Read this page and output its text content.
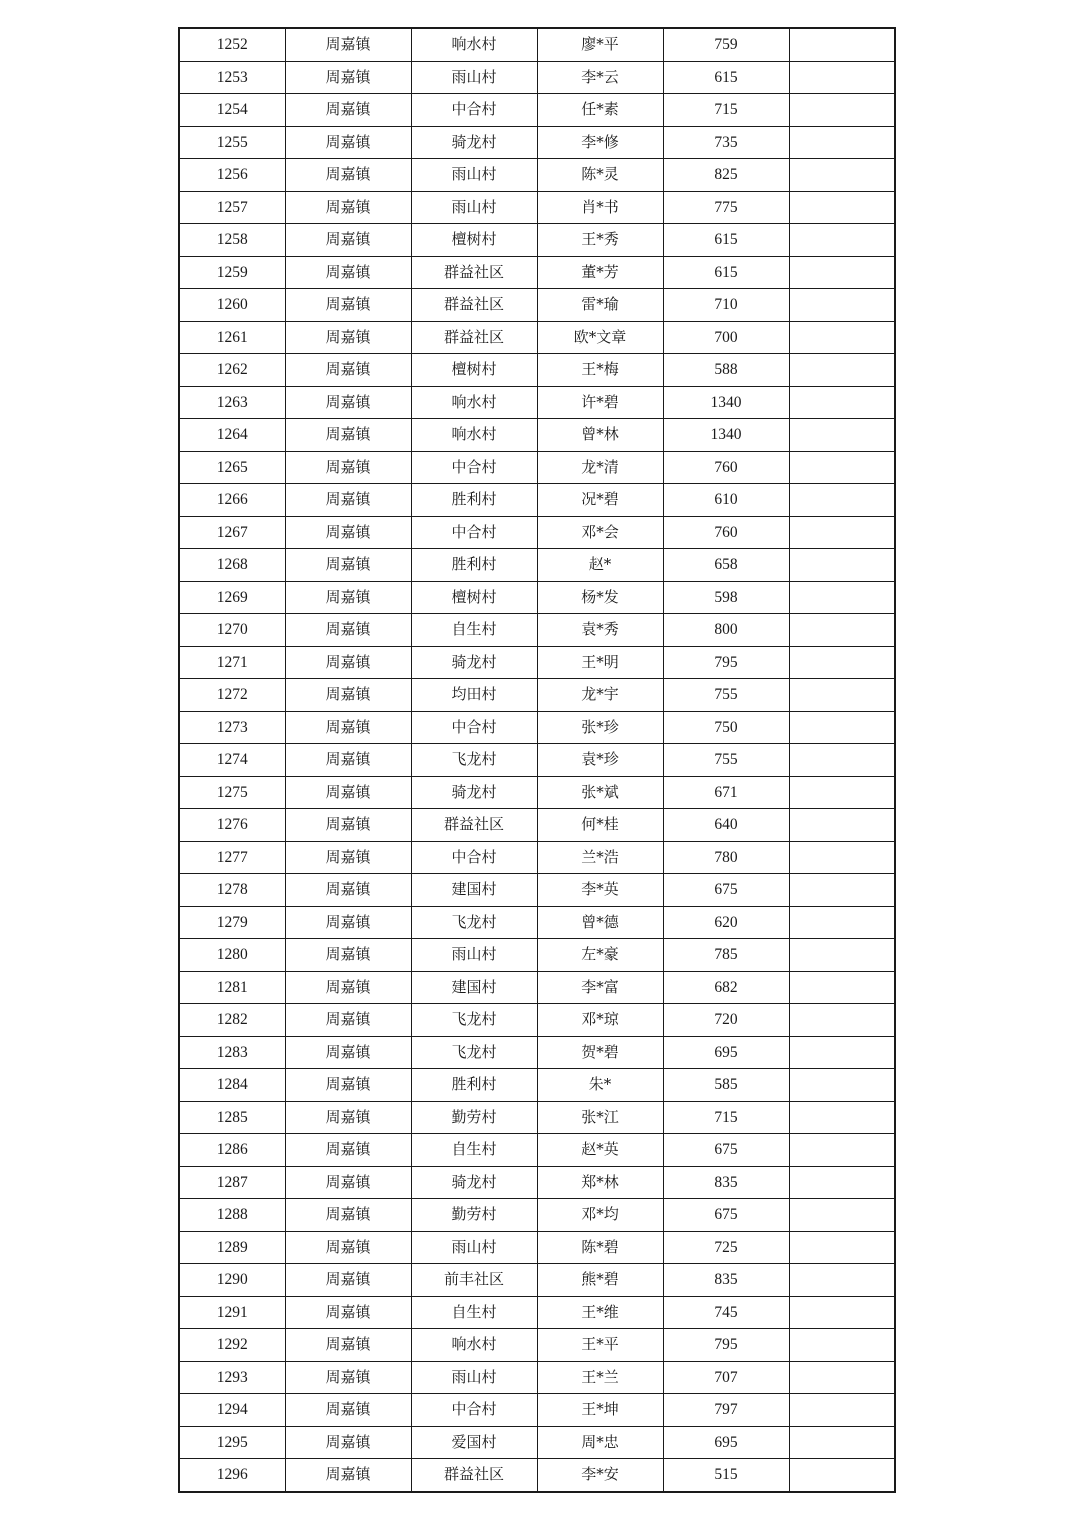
1252	周嘉镇	响水村	廖*平	759	
1253	周嘉镇	雨山村	李*云	615	
1254	周嘉镇	中合村	任*素	715	
1255	周嘉镇	骑龙村	李*修	735	
1256	周嘉镇	雨山村	陈*灵	825	
1257	周嘉镇	雨山村	肖*书	775	
1258	周嘉镇	檀树村	王*秀	615	
1259	周嘉镇	群益社区	董*芳	615	
1260	周嘉镇	群益社区	雷*瑜	710	
1261	周嘉镇	群益社区	欧*文章	700	
1262	周嘉镇	檀树村	王*梅	588	
1263	周嘉镇	响水村	许*碧	1340	
1264	周嘉镇	响水村	曾*林	1340	
1265	周嘉镇	中合村	龙*清	760	
1266	周嘉镇	胜利村	况*碧	610	
1267	周嘉镇	中合村	邓*会	760	
1268	周嘉镇	胜利村	赵*	658	
1269	周嘉镇	檀树村	杨*发	598	
1270	周嘉镇	自生村	袁*秀	800	
1271	周嘉镇	骑龙村	王*明	795	
1272	周嘉镇	均田村	龙*宇	755	
1273	周嘉镇	中合村	张*珍	750	
1274	周嘉镇	飞龙村	袁*珍	755	
1275	周嘉镇	骑龙村	张*斌	671	
1276	周嘉镇	群益社区	何*桂	640	
1277	周嘉镇	中合村	兰*浩	780	
1278	周嘉镇	建国村	李*英	675	
1279	周嘉镇	飞龙村	曾*德	620	
1280	周嘉镇	雨山村	左*豪	785	
1281	周嘉镇	建国村	李*富	682	
1282	周嘉镇	飞龙村	邓*琼	720	
1283	周嘉镇	飞龙村	贺*碧	695	
1284	周嘉镇	胜利村	朱*	585	
1285	周嘉镇	勤劳村	张*江	715	
1286	周嘉镇	自生村	赵*英	675	
1287	周嘉镇	骑龙村	郑*林	835	
1288	周嘉镇	勤劳村	邓*均	675	
1289	周嘉镇	雨山村	陈*碧	725	
1290	周嘉镇	前丰社区	熊*碧	835	
1291	周嘉镇	自生村	王*维	745	
1292	周嘉镇	响水村	王*平	795	
1293	周嘉镇	雨山村	王*兰	707	
1294	周嘉镇	中合村	王*坤	797	
1295	周嘉镇	爱国村	周*忠	695	
1296	周嘉镇	群益社区	李*安	515	
